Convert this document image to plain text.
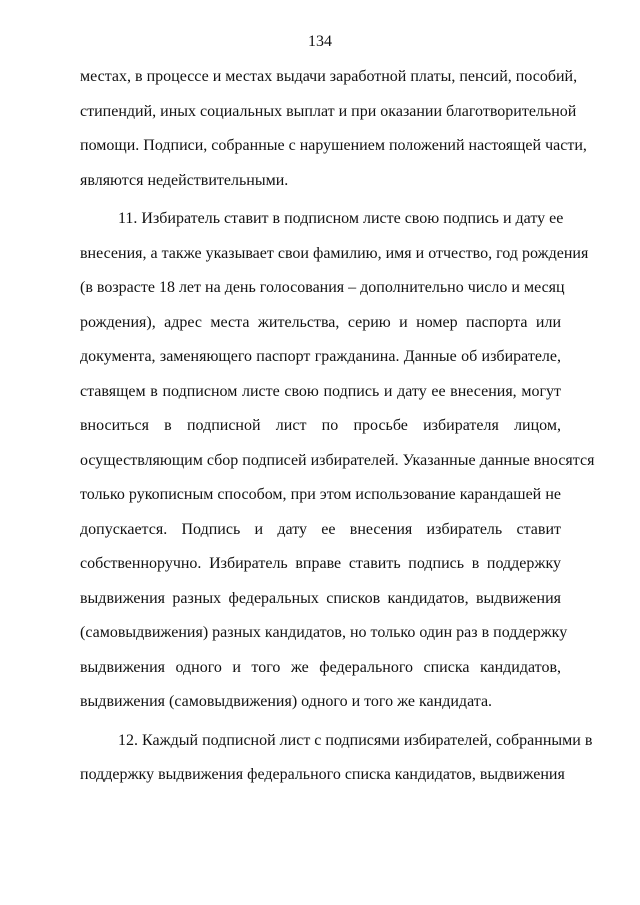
134

местах, в процессе и местах выдачи заработной платы, пенсий, пособий,
стипендий, иных социальных выплат и при оказании благотворительной
помощи. Подписи, собранные с нарушением положений настоящей части,
являются недействительными.

11. Избиратель ставит в подписном листе свою подпись и дату ее
внесения, а также указывает свои фамилию, имя и отчество, год рождения
(в возрасте 18 лет на день голосования – дополнительно число и месяц
рождения), адрес места жительства, серию и номер паспорта или
документа, заменяющего паспорт гражданина. Данные об избирателе,
ставящем в подписном листе свою подпись и дату ее внесения, могут
вноситься в подписной лист по просьбе избирателя лицом,
осуществляющим сбор подписей избирателей. Указанные данные вносятся
только рукописным способом, при этом использование карандашей не
допускается. Подпись и дату ее внесения избиратель ставит
собственноручно. Избиратель вправе ставить подпись в поддержку
выдвижения разных федеральных списков кандидатов, выдвижения
(самовыдвижения) разных кандидатов, но только один раз в поддержку
выдвижения одного и того же федерального списка кандидатов,
выдвижения (самовыдвижения) одного и того же кандидата.

12. Каждый подписной лист с подписями избирателей, собранными в
поддержку выдвижения федерального списка кандидатов, выдвижения
